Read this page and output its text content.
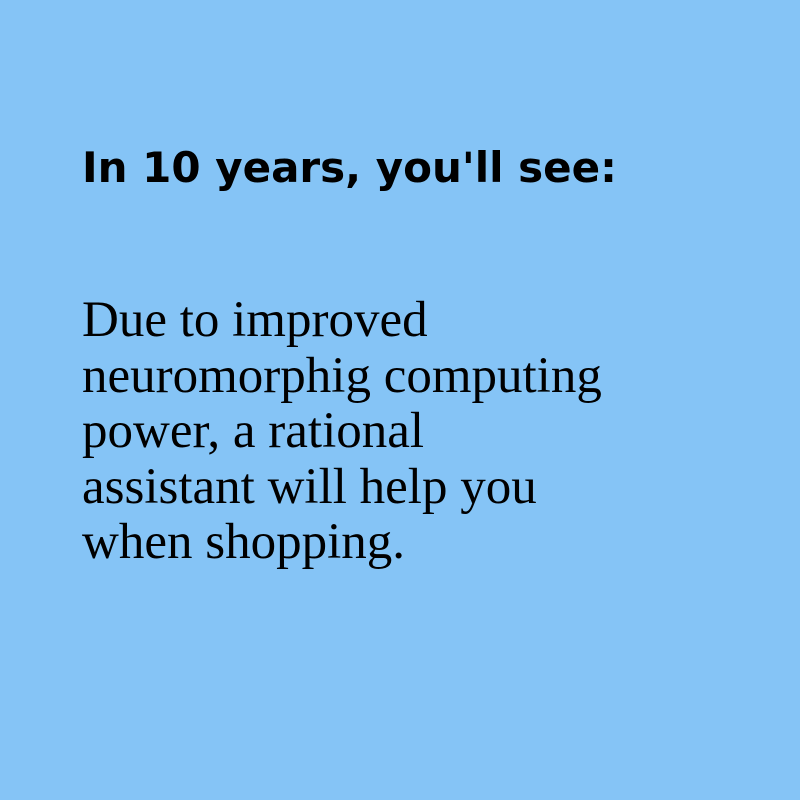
In 10 years, you'll see:

Due to improved
neuromorphig computing
power, a rational
assistant will help you
when shopping.
